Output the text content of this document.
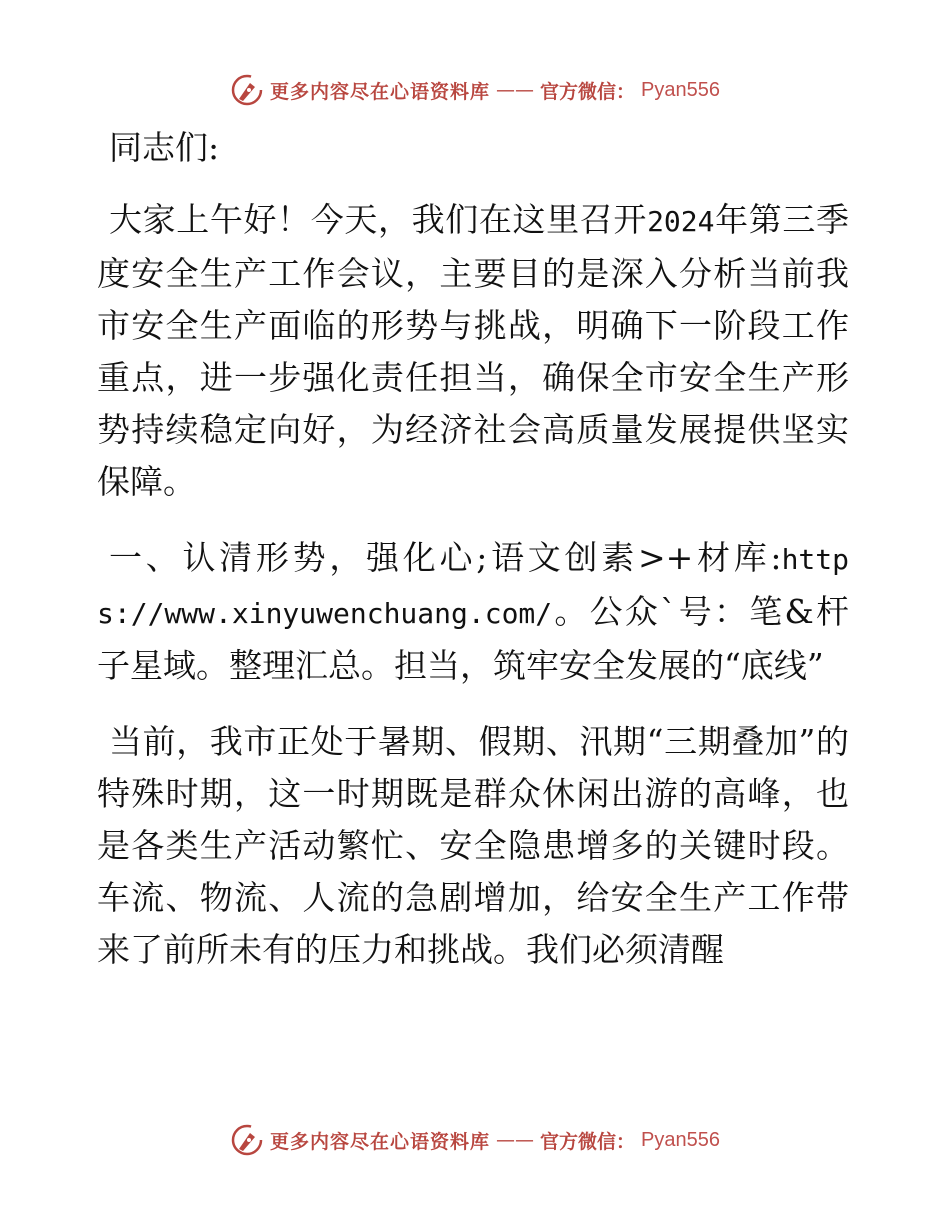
更多内容尽在心语资料库 —— 官方微信： Pyan556

同志们:

大家上午好！今天，我们在这里召开2024年第三季度安全生产工作会议，主要目的是深入分析当前我市安全生产面临的形势与挑战，明确下一阶段工作重点，进一步强化责任担当，确保全市安全生产形势持续稳定向好，为经济社会高质量发展提供坚实保障。

一、认清形势，强化心;语文创素>+材库:https://www.xinyuwenchuang.com/。公众`号：笔&杆子星域。整理汇总。担当，筑牢安全发展的“底线”

当前，我市正处于暑期、假期、汛期“三期叠加”的特殊时期，这一时期既是群众休闲出游的高峰，也是各类生产活动繁忙、安全隐患增多的关键时段。车流、物流、人流的急剧增加，给安全生产工作带来了前所未有的压力和挑战。我们必须清醒

更多内容尽在心语资料库 —— 官方微信： Pyan556
